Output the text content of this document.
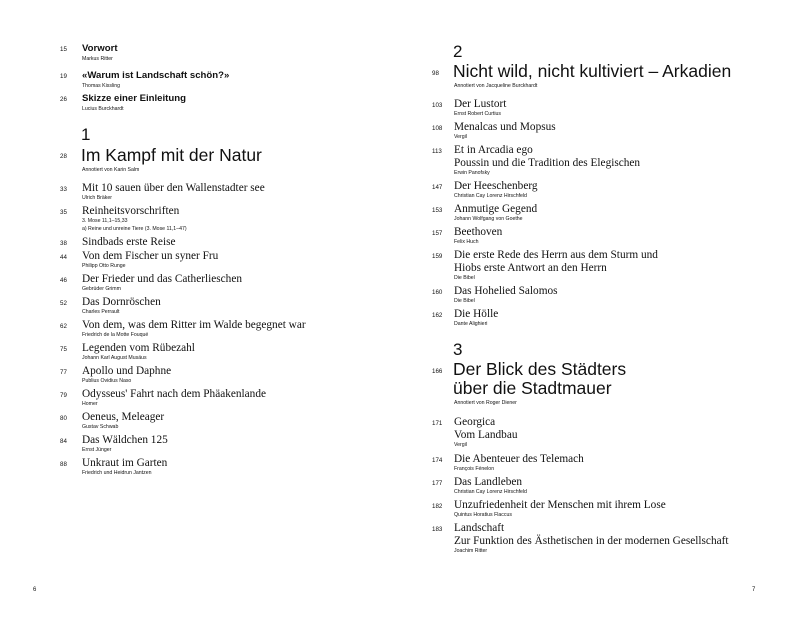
15 Vorwort
Markus Ritter
19 «Warum ist Landschaft schön?»
Thomas Kissling
26 Skizze einer Einleitung
Lucius Burckhardt
1
28 Im Kampf mit der Natur
Annotiert von Karin Salm
33 Mit 10 sauen über den Wallenstadter see
Ulrich Bräker
35 Reinheitsvorschriften
3. Mose 11,1–15,33
a) Reine und unreine Tiere (3. Mose 11,1–47)
38 Sindbads erste Reise
44 Von dem Fischer un syner Fru
Philipp Otto Runge
46 Der Frieder und das Catherlieschen
Gebrüder Grimm
52 Das Dornröschen
Charles Perrault
62 Von dem, was dem Ritter im Walde begegnet war
Friedrich de la Motte Fouqué
75 Legenden vom Rübezahl
Johann Karl August Musäus
77 Apollo und Daphne
Publius Ovidius Naso
79 Odysseus' Fahrt nach dem Phäakenlande
Homer
80 Oeneus, Meleager
Gustav Schwab
84 Das Wäldchen 125
Ernst Jünger
88 Unkraut im Garten
Friedrich und Heidrun Jantzen
6
2
98 Nicht wild, nicht kultiviert – Arkadien
Annotiert von Jacqueline Burckhardt
103 Der Lustort
Ernst Robert Curtius
108 Menalcas und Mopsus
Vergil
113 Et in Arcadia ego
Poussin und die Tradition des Elegischen
Erwin Panofsky
147 Der Heeschenberg
Christian Cay Lorenz Hirschfeld
153 Anmutige Gegend
Johann Wolfgang von Goethe
157 Beethoven
Felix Huch
159 Die erste Rede des Herrn aus dem Sturm und
Hiobs erste Antwort an den Herrn
Die Bibel
160 Das Hohelied Salomos
Die Bibel
162 Die Hölle
Dante Alighieri
3
166 Der Blick des Städters
über die Stadtmauer
Annotiert von Roger Diener
171 Georgica
Vom Landbau
Vergil
174 Die Abenteuer des Telemach
François Fénelon
177 Das Landleben
Christian Cay Lorenz Hirschfeld
182 Unzufriedenheit der Menschen mit ihrem Lose
Quintus Horatius Flaccus
183 Landschaft
Zur Funktion des Ästhetischen in der modernen Gesellschaft
Joachim Ritter
7
